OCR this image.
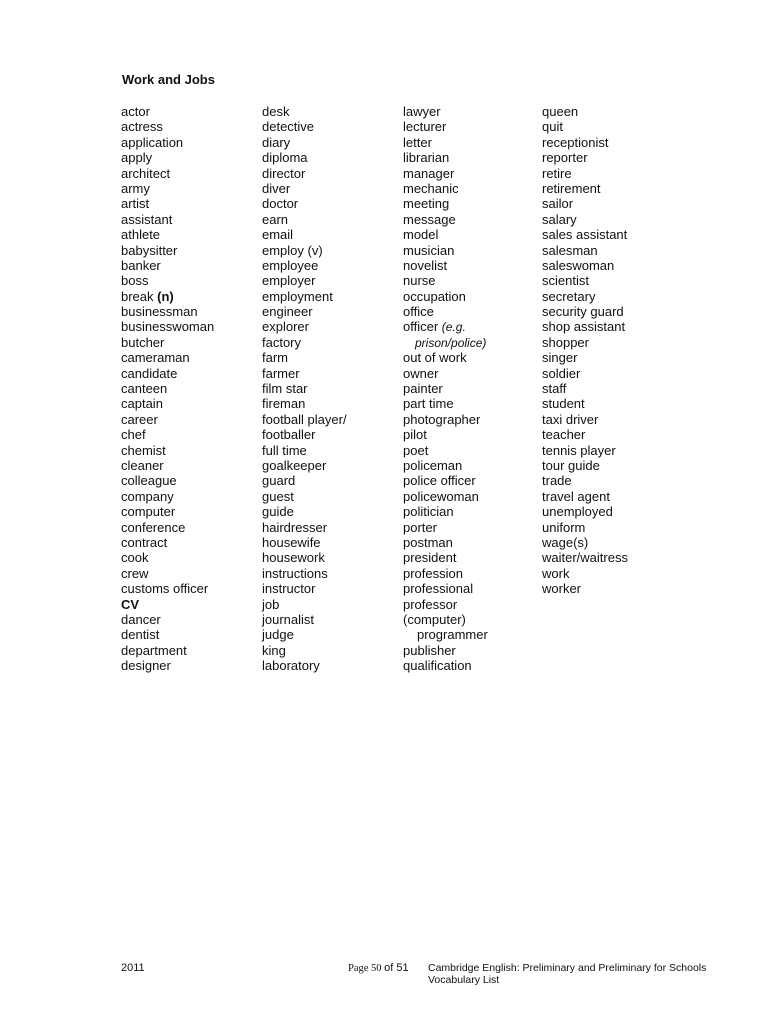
Work and Jobs
actor
actress
application
apply
architect
army
artist
assistant
athlete
babysitter
banker
boss
break (n)
businessman
businesswoman
butcher
cameraman
candidate
canteen
captain
career
chef
chemist
cleaner
colleague
company
computer
conference
contract
cook
crew
customs officer
CV
dancer
dentist
department
designer
desk
detective
diary
diploma
director
diver
doctor
earn
email
employ (v)
employee
employer
employment
engineer
explorer
factory
farm
farmer
film star
fireman
football player/
footballer
full time
goalkeeper
guard
guest
guide
hairdresser
housewife
housework
instructions
instructor
job
journalist
judge
king
laboratory
lawyer
lecturer
letter
librarian
manager
mechanic
meeting
message
model
musician
novelist
nurse
occupation
office
officer (e.g.
prison/police)
out of work
owner
painter
part time
photographer
pilot
poet
policeman
police officer
policewoman
politician
porter
postman
president
profession
professional
professor
(computer)
programmer
publisher
qualification
queen
quit
receptionist
reporter
retire
retirement
sailor
salary
sales assistant
salesman
saleswoman
scientist
secretary
security guard
shop assistant
shopper
singer
soldier
staff
student
taxi driver
teacher
tennis player
tour guide
trade
travel agent
unemployed
uniform
wage(s)
waiter/waitress
work
worker
2011	Page 50 of 51 Cambridge English: Preliminary and Preliminary for Schools
Vocabulary List
